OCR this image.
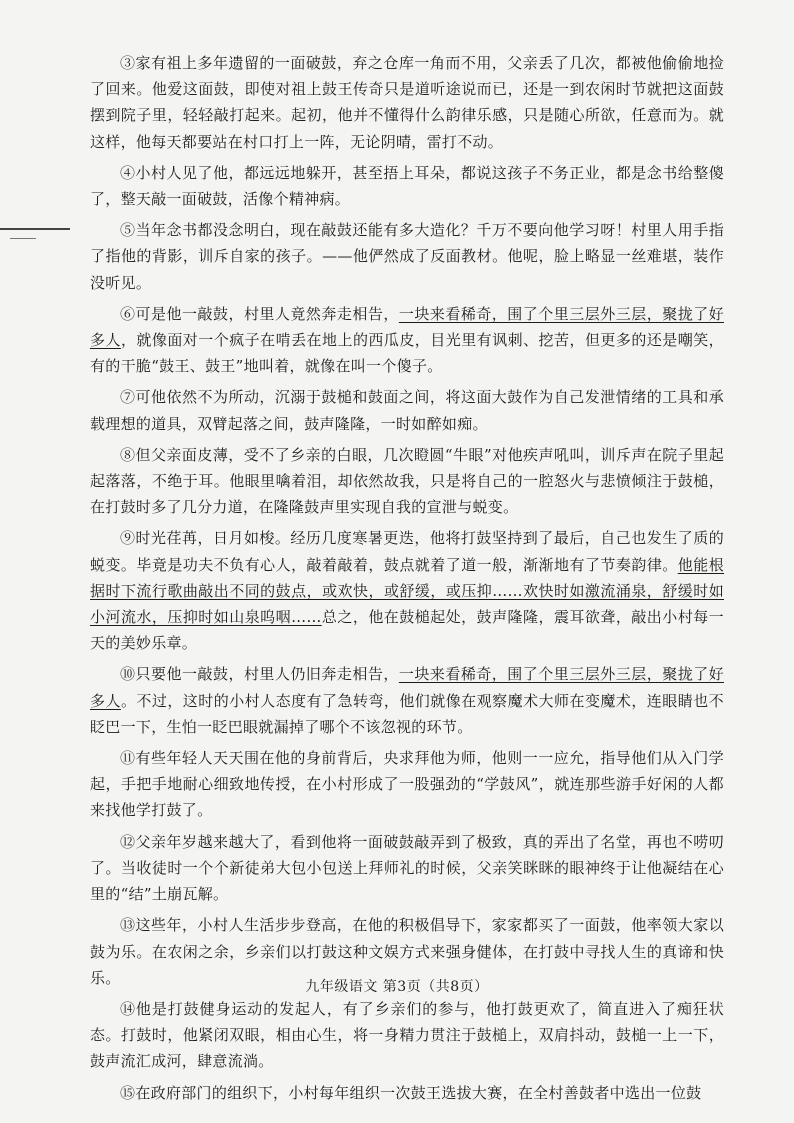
③家有祖上多年遗留的一面破鼓，弃之仓库一角而不用，父亲丢了几次，都被他偷偷地捡了回来。他爱这面鼓，即使对祖上鼓王传奇只是道听途说而已，还是一到农闲时节就把这面鼓摆到院子里，轻轻敲打起来。起初，他并不懂得什么韵律乐感，只是随心所欲，任意而为。就这样，他每天都要站在村口打上一阵，无论阴晴，雷打不动。

④小村人见了他，都远远地躲开，甚至捂上耳朵，都说这孩子不务正业，都是念书给整傻了，整天敲一面破鼓，活像个精神病。

⑤当年念书都没念明白，现在敲鼓还能有多大造化？千万不要向他学习呀！村里人用手指了指他的背影，训斥自家的孩子。——他俨然成了反面教材。他呢，脸上略显一丝难堪，装作没听见。

⑥可是他一敲鼓，村里人竟然奔走相告，一块来看稀奇，围了个里三层外三层，聚拢了好多人，就像面对一个疯子在啃丢在地上的西瓜皮，目光里有讽刺、挖苦，但更多的还是嘲笑，有的干脆“鼓王、鼓王”地叫着，就像在叫一个傻子。

⑦可他依然不为所动，沉溺于鼓槌和鼓面之间，将这面大鼓作为自己发泄情绪的工具和承载理想的道具，双臂起落之间，鼓声隆隆，一时如醉如痴。

⑧但父亲面皮薄，受不了乡亲的白眼，几次瞪圆“牛眼”对他疾声吼叫，训斥声在院子里起起落落，不绝于耳。他眼里噙着泪，却依然故我，只是将自己的一腔怒火与悲愤倾注于鼓槌，在打鼓时多了几分力道，在隆隆鼓声里实现自我的宣泄与蜕变。

⑨时光荏苒，日月如梭。经历几度寒暑更迭，他将打鼓坚持到了最后，自己也发生了质的蜕变。毕竟是功夫不负有心人，敲着敲着，鼓点就着了道一般，渐渐地有了节奏韵律。他能根据时下流行歌曲敲出不同的鼓点，或欢快，或舒缓，或压抑……欢快时如激流涌泉，舒缓时如小河流水，压抑时如山泉呜咽……总之，他在鼓槌起处，鼓声隆隆，震耳欲聋，敲出小村每一天的美妙乐章。

⑩只要他一敲鼓，村里人仍旧奔走相告，一块来看稀奇，围了个里三层外三层，聚拢了好多人。不过，这时的小村人态度有了急转弯，他们就像在观察魔术大师在变魔术，连眼睛也不眨巴一下，生怕一眨巴眼就漏掉了哪个不该忽视的环节。

⑪有些年轻人天天围在他的身前背后，央求拜他为师，他则一一应允，指导他们从入门学起，手把手地耐心细致地传授，在小村形成了一股强劲的“学鼓风”，就连那些游手好闲的人都来找他学打鼓了。

⑫父亲年岁越来越大了，看到他将一面破鼓敲弄到了极致，真的弄出了名堂，再也不唠叨了。当收徒时一个个新徒弟大包小包送上拜师礼的时候，父亲笑眯眯的眼神终于让他凝结在心里的“结”土崩瓦解。

⑬这些年，小村人生活步步登高，在他的积极倡导下，家家都买了一面鼓，他率领大家以鼓为乐。在农闲之余，乡亲们以打鼓这种文娱方式来强身健体，在打鼓中寻找人生的真谛和快乐。

⑭他是打鼓健身运动的发起人，有了乡亲们的参与，他打鼓更欢了，简直进入了痴狂状态。打鼓时，他紧闭双眼，相由心生，将一身精力贯注于鼓槌上，双肩抖动，鼓槌一上一下，鼓声流汇成河，肆意流淌。

⑮在政府部门的组织下，小村每年组织一次鼓王选拔大赛，在全村善鼓者中选出一位鼓

九年级语文 第3页（共8页）
